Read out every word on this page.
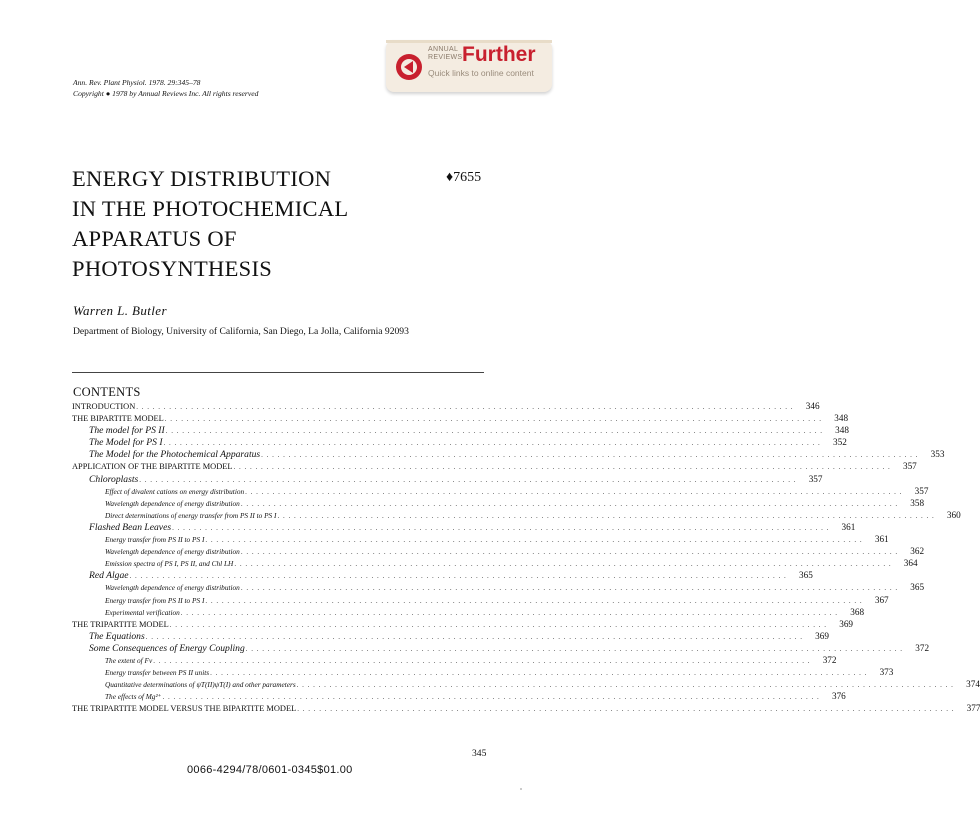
ANNUAL
REVIEWS Further
Quick links to online content
Ann. Rev. Plant Physiol. 1978. 29:345–78
Copyright ● 1978 by Annual Reviews Inc. All rights reserved
ENERGY DISTRIBUTION
IN THE PHOTOCHEMICAL
APPARATUS OF
PHOTOSYNTHESIS
♦7655
Warren L. Butler
Department of Biology, University of California, San Diego, La Jolla, California 92093
CONTENTS
INTRODUCTION . . . . . . . . . . . . . . . . . . . . . . . . . . . . . . . . . . . . . . . . . . . . . . . . . . . . . . . . . . . . . . . . . . . . . . . . . . . . . . . . . . . . . . . . . . . . . . . . . . . . . . . . . . . . . . . . . . . . . . . .	346
THE BIPARTITE MODEL . . . . . . . . . . . . . . . . . . . . . . . . . . . . . . . . . . . . . . . . . . . . . . . . . . . . . . . . . . . . . . . . . . . . . . . . . . . . . . . . . . . . . . . . . . . . . . . . . . . . . . . . . . . . . . . . . . . . . . . .	348
The model for PS II . . . . . . . . . . . . . . . . . . . . . . . . . . . . . . . . . . . . . . . . . . . . . . . . . . . . . . . . . . . . . . . . . . . . . . . . . . . . . . . . . . . . . . . . . . . . . . . . . . . . . . . . . . . . . . . . . . . . . . . .	348
The Model for PS I . . . . . . . . . . . . . . . . . . . . . . . . . . . . . . . . . . . . . . . . . . . . . . . . . . . . . . . . . . . . . . . . . . . . . . . . . . . . . . . . . . . . . . . . . . . . . . . . . . . . . . . . . . . . . . . . . . . . . . . .	352
The Model for the Photochemical Apparatus . . . . . . . . . . . . . . . . . . . . . . . . . . . . . . . . . . . . . . . . . . . . . . . . . . . . . . . . . . . . . . . . . . . . . . . . . . . . . . . . . . . . . . . . . . . . . . . . . . . . . . . . . . . . . . . . . . . . . . . .	353
APPLICATION OF THE BIPARTITE MODEL . . . . . . . . . . . . . . . . . . . . . . . . . . . . . . . . . . . . . . . . . . . . . . . . . . . . . . . . . . . . . . . . . . . . . . . . . . . . . . . . . . . . . . . . . . . . . . . . . . . . . . . . . . . . . . . . . . . . . . . .	357
Chloroplasts . . . . . . . . . . . . . . . . . . . . . . . . . . . . . . . . . . . . . . . . . . . . . . . . . . . . . . . . . . . . . . . . . . . . . . . . . . . . . . . . . . . . . . . . . . . . . . . . . . . . . . . . . . . . . . . . . . . . . . . .	357
Effect of divalent cations on energy distribution . . . . . . . . . . . . . . . . . . . . . . . . . . . . . . . . . . . . . . . . . . . . . . . . . . . . . . . . . . . . . . . . . . . . . . . . . . . . . . . . . . . . . . . . . . . . . . . . . . . . . . . . . . . . . . . . . . . . . . . .	357
Wavelength dependence of energy distribution . . . . . . . . . . . . . . . . . . . . . . . . . . . . . . . . . . . . . . . . . . . . . . . . . . . . . . . . . . . . . . . . . . . . . . . . . . . . . . . . . . . . . . . . . . . . . . . . . . . . . . . . . . . . . . . . . . . . . . . .	358
Direct determinations of energy transfer from PS II to PS I . . . . . . . . . . . . . . . . . . . . . . . . . . . . . . . . . . . . . . . . . . . . . . . . . . . . . . . . . . . . . . . . . . . . . . . . . . . . . . . . . . . . . . . . . . . . . . . . . . . . . . . . . . . . . . . . . . . . . . . .	360
Flashed Bean Leaves . . . . . . . . . . . . . . . . . . . . . . . . . . . . . . . . . . . . . . . . . . . . . . . . . . . . . . . . . . . . . . . . . . . . . . . . . . . . . . . . . . . . . . . . . . . . . . . . . . . . . . . . . . . . . . . . . . . . . . . .	361
Energy transfer from PS II to PS I . . . . . . . . . . . . . . . . . . . . . . . . . . . . . . . . . . . . . . . . . . . . . . . . . . . . . . . . . . . . . . . . . . . . . . . . . . . . . . . . . . . . . . . . . . . . . . . . . . . . . . . . . . . . . . . . . . . . . . . .	361
Wavelength dependence of energy distribution . . . . . . . . . . . . . . . . . . . . . . . . . . . . . . . . . . . . . . . . . . . . . . . . . . . . . . . . . . . . . . . . . . . . . . . . . . . . . . . . . . . . . . . . . . . . . . . . . . . . . . . . . . . . . . . . . . . . . . . .	362
Emission spectra of PS I, PS II, and Chl LH . . . . . . . . . . . . . . . . . . . . . . . . . . . . . . . . . . . . . . . . . . . . . . . . . . . . . . . . . . . . . . . . . . . . . . . . . . . . . . . . . . . . . . . . . . . . . . . . . . . . . . . . . . . . . . . . . . . . . . . .	364
Red Algae . . . . . . . . . . . . . . . . . . . . . . . . . . . . . . . . . . . . . . . . . . . . . . . . . . . . . . . . . . . . . . . . . . . . . . . . . . . . . . . . . . . . . . . . . . . . . . . . . . . . . . . . . . . . . . . . . . . . . . . .	365
Wavelength dependence of energy distribution . . . . . . . . . . . . . . . . . . . . . . . . . . . . . . . . . . . . . . . . . . . . . . . . . . . . . . . . . . . . . . . . . . . . . . . . . . . . . . . . . . . . . . . . . . . . . . . . . . . . . . . . . . . . . . . . . . . . . . . .	365
Energy transfer from PS II to PS I . . . . . . . . . . . . . . . . . . . . . . . . . . . . . . . . . . . . . . . . . . . . . . . . . . . . . . . . . . . . . . . . . . . . . . . . . . . . . . . . . . . . . . . . . . . . . . . . . . . . . . . . . . . . . . . . . . . . . . . .	367
Experimental verification . . . . . . . . . . . . . . . . . . . . . . . . . . . . . . . . . . . . . . . . . . . . . . . . . . . . . . . . . . . . . . . . . . . . . . . . . . . . . . . . . . . . . . . . . . . . . . . . . . . . . . . . . . . . . . . . . . . . . . . .	368
THE TRIPARTITE MODEL . . . . . . . . . . . . . . . . . . . . . . . . . . . . . . . . . . . . . . . . . . . . . . . . . . . . . . . . . . . . . . . . . . . . . . . . . . . . . . . . . . . . . . . . . . . . . . . . . . . . . . . . . . . . . . . . . . . . . . . .	369
The Equations . . . . . . . . . . . . . . . . . . . . . . . . . . . . . . . . . . . . . . . . . . . . . . . . . . . . . . . . . . . . . . . . . . . . . . . . . . . . . . . . . . . . . . . . . . . . . . . . . . . . . . . . . . . . . . . . . . . . . . . .	369
Some Consequences of Energy Coupling . . . . . . . . . . . . . . . . . . . . . . . . . . . . . . . . . . . . . . . . . . . . . . . . . . . . . . . . . . . . . . . . . . . . . . . . . . . . . . . . . . . . . . . . . . . . . . . . . . . . . . . . . . . . . . . . . . . . . . . .	372
The extent of Fv . . . . . . . . . . . . . . . . . . . . . . . . . . . . . . . . . . . . . . . . . . . . . . . . . . . . . . . . . . . . . . . . . . . . . . . . . . . . . . . . . . . . . . . . . . . . . . . . . . . . . . . . . . . . . . . . . . . . . . . .	372
Energy transfer between PS II units . . . . . . . . . . . . . . . . . . . . . . . . . . . . . . . . . . . . . . . . . . . . . . . . . . . . . . . . . . . . . . . . . . . . . . . . . . . . . . . . . . . . . . . . . . . . . . . . . . . . . . . . . . . . . . . . . . . . . . . .	373
Quantitative determinations of ψT(II)ψT(I) and other parameters . . . . . . . . . . . . . . . . . . . . . . . . . . . . . . . . . . . . . . . . . . . . . . . . . . . . . . . . . . . . . . . . . . . . . . . . . . . . . . . . . . . . . . . . . . . . . . . . . . . . . . . . . . . . . . . . . . . . . . . .	374
The effects of Mg²⁺ . . . . . . . . . . . . . . . . . . . . . . . . . . . . . . . . . . . . . . . . . . . . . . . . . . . . . . . . . . . . . . . . . . . . . . . . . . . . . . . . . . . . . . . . . . . . . . . . . . . . . . . . . . . . . . . . . . . . . . . .	376
THE TRIPARTITE MODEL VERSUS THE BIPARTITE MODEL . . . . . . . . . . . . . . . . . . . . . . . . . . . . . . . . . . . . . . . . . . . . . . . . . . . . . . . . . . . . . . . . . . . . . . . . . . . . . . . . . . . . . . . . . . . . . . . . . . . . . . . . . . . . . . . . . . . . . . . .	377
345
0066-4294/78/0601-0345$01.00
